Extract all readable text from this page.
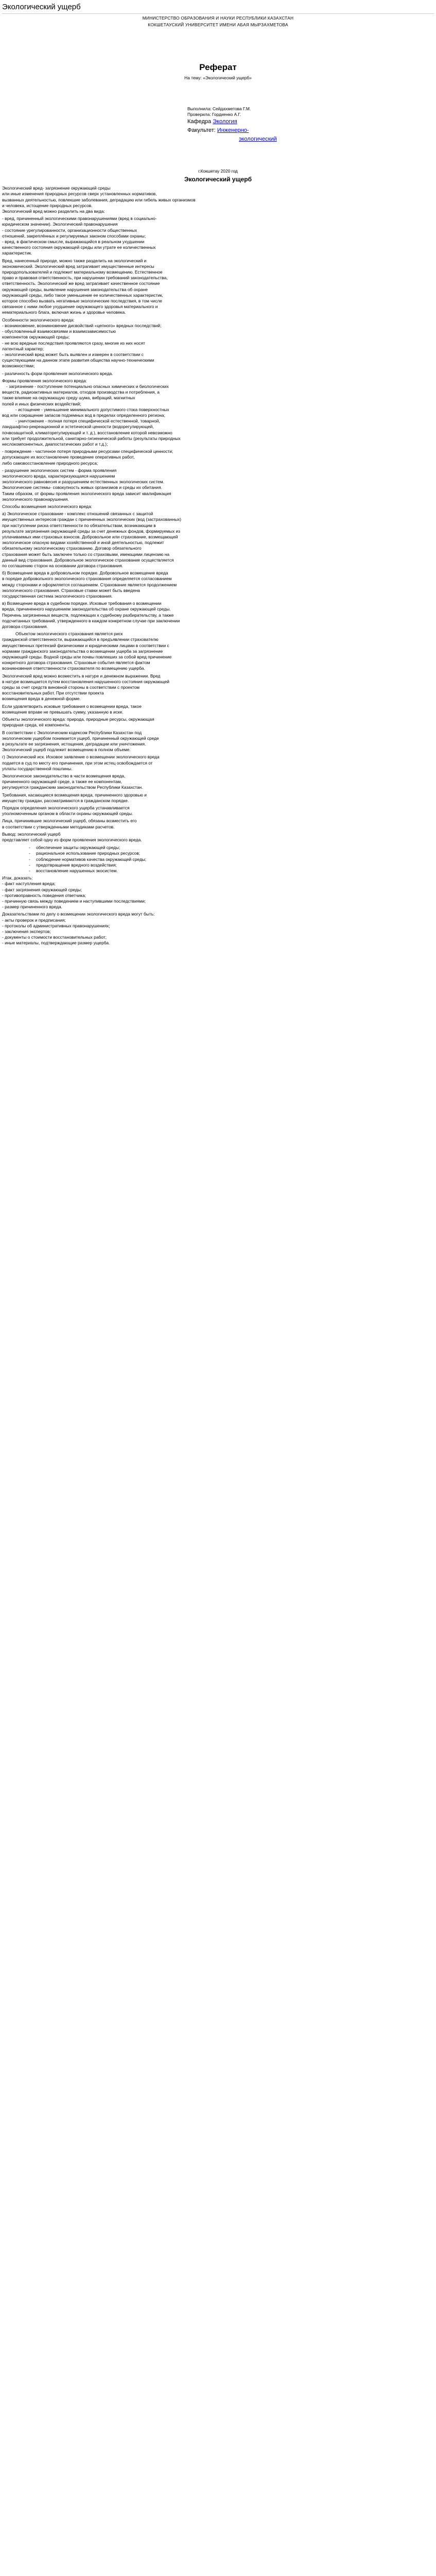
Экологический ущерб

МИНИСТЕРСТВО ОБРАЗОВАНИЯ И НАУКИ РЕСПУБЛИКИ КАЗАХСТАН

КОКШЕТАУСКИЙ УНИВЕРСИТЕТ ИМЕНИ АБАЯ МЫРЗАХМЕТОВА

Реферат

На тему: «Экологический ущерб»

Выполнила: Сейдахметова Г.М.

Проверила: Гордиенко А.Г.

Кафедра Экология

Факультет: Инженерно-

экологический

г.Кокшетау 2020 год

Экологический ущерб

Экологический вред- загрязнение окружающей среды

или иные изменения природных ресурсов сверх установленных нормативов,

вызванных деятельностью, повлекшие заболевания, деградацию или гибель живых организмов

и человека, истощение природных ресурсов.

Экологический вред можно разделить на два вида:

- вред, причиненный экологическими правонарушениями (вред в социально-

юридическом значении). Экологический правонарушения

- состояние урегулированности, организационности общественных

отношений, закреплённых и регулируемых законом способами охраны;

- вред, в фактическом смысле, выражающийся в реальном ухудшении

качественного состояния окружающей среды или утрате ее количественных

характеристик.

Вред, нанесенный природе, можно также разделить на экологический и

экономический. Экологический вред затрагивает имущественные интересы

природопользователей и подлежит материальному возмещению. Естественное

право и правовая ответственность, при нарушении требований законодательства,

ответственность. Экологический же вред затрагивает качественное состояние

окружающей среды, выявление нарушения законодательства об охране

окружающей среды, либо такое уменьшение ее количественных характеристик,

которое способно вызвать негативные экологические последствия, в том числе

связанное с ними любое ухудшение окружающего здоровья материального и

нематериального блага, включая жизнь и здоровье человека.

Особенности экологического вреда:

- возникновение, возникновение дисвойствий «цепного» вредных последствий;

- обусловленный взаимосвязями и взаимозависимостью

компонентов окружающей среды;

- не всю вредные последствия проявляются сразу, многие из них носят

латентный характер;

- экологический вред может быть выявлен и измерен в соответствии с

существующими на данном этапе развития общества научно-техническими

возможностями;

- различность форм проявления экологического вреда.

Формы проявления экологического вреда:

- загрязнение - поступление потенциально опасных химических и биологических

веществ, радиоактивных материалов, отходов производства и потребления, а

также влияние на окружающую среду шума, вибраций, магнитных

полей и иных физических воздействий;

- истощение - уменьшение минимального допустимого стока поверхностных

вод или сокращение запасов подземных вод в пределах определенного региона;

- уничтожение - полная потеря специфической естественной, товарной,

ландшафтно-рекреационной и эстетической ценности (водорегулирующей,

почвозащитной, климаторегулирующей и т. д.), восстановление которой невозможно

или требует продолжительной, санитарно-гигиенической работы (результаты природных

неслокомпонентных, диапостатических работ и т.д.);

- повреждение - частичное потеря природными ресурсами специфической ценности;

допускающее их восстановление проведение оперативных работ,

либо самовосстановление природного ресурса;

- разрушение экологических систем - форма проявления

экологического вреда, характеризующаяся нарушением

экологического равновесия и разрушением естественных экологических систем.

Экологические системы- совокупность живых организмов и среды их обитания.

Таким образом, от формы проявления экологического вреда зависит квалификация

экологического правонарушения.

Способы возмещения экологического вреда:

а) Экологическое страхование - комплекс отношений связанных с защитой

имущественных интересов граждан с причиненных экологических (вод (застрахованных)

при наступлении риска ответственности по обязательствам, возникающим в

результате загрязнения окружающей среды за счет денежных фондов, формируемых из

уплачиваемых ими страховых взносов. Добровольное или страхование, возмещающей

экологическое опасную видами хозяйственной и иной деятельностью, подлежит

обязательному экологическому страхованию. Договор обязательного

страхования может быть заключен только со страховыми, имеющими лицензию на

данный вид страхования. Добровольное экологическое страхование осуществляется

по соглашению сторон на основании договора страхования.

б) Возмещение вреда в добровольном порядке. Добровольное возмещение вреда

в порядке добровольного экологического страхования определяется согласованием

между сторонами и оформляется соглашением. Страхование является продолжением

экологического страхования. Страховые ставки может быть введена

государственная система экологического страхования.

в) Возмещение вреда в судебном порядке. Исковые требования о возмещении

вреда, причиненного нарушением законодательства об охране окружающей среды.

Перечень загрязненных веществ, подлежащих к судебному разбирательству, а также

подсчитанных требований, утвержденного в каждом конкретном случае при заключении

договора страхования.

Объектом экологического страхования является риск

гражданской ответственности, выражающийся в предъявлении страхователю

имущественных претензий физическими и юридическими лицами в соответствии с

нормами гражданского законодательства о возмещении ущерба за загрязнение

окружающей среды. Водной среды или почвы повлекших за собой вред причинение

конкретного договора страхования. Страховые события является фактом

возникновения ответственности страхователя по возмещению ущерба.

Экологический вред можно возместить в натуре и денежном выражении. Вред

в натуре возмещается путем восстановления нарушенного состояния окружающей

среды за счет средств виновной стороны в соответствии с проектом

восстановительных работ. При отсутствии проекта

возмещения вреда в денежной форме.

Если удовлетворить исковые требования о возмещении вреда, такое

возмещение вправе не превышать сумму, указанную в иске.

Объекты экологического вреда: природа, природные ресурсы, окружающая

природная среда, её компоненты.

В соответствии с Экологическим кодексом Республики Казахстан под

экологическим ущербом понимается ущерб, причиненный окружающей среде

в результате ее загрязнения, истощения, деградации или уничтожения.

Экологический ущерб подлежит возмещению в полном объеме.

г) Экологический иск. Исковое заявление о возмещении экологического вреда

подается в суд по месту его причинения, при этом истец освобождается от

уплаты государственной пошлины.

Экологическое законодательство в части возмещения вреда,

причиненного окружающей среде, а также ее компонентам,

регулируется гражданским законодательством Республики Казахстан.

Требования, касающиеся возмещения вреда, причиненного здоровью и

имуществу граждан, рассматриваются в гражданском порядке.

Порядок определения экологического ущерба устанавливается

уполномоченным органом в области охраны окружающей среды.

Лица, причинившие экологический ущерб, обязаны возместить его

в соответствии с утвержденными методиками расчетов.

Вывод: экологический ущерб

представляет собой одну из форм проявления экологического вреда.

- обеспечение защиты окружающей среды;
- рациональное использование природных ресурсов;
- соблюдение нормативов качества окружающей среды;
- предотвращение вредного воздействия;
- восстановление нарушенных экосистем.

Итак, доказать:

- факт наступления вреда;

- факт загрязнения окружающей среды;

- противоправность поведения ответчика;

- причинную связь между поведением и наступившими последствиями;

- размер причиненного вреда.

Доказательствами по делу о возмещении экологического вреда могут быть:

- акты проверок и предписания;

- протоколы об административных правонарушениях;

- заключения экспертов;

- документы о стоимости восстановительных работ;

- иные материалы, подтверждающие размер ущерба.
